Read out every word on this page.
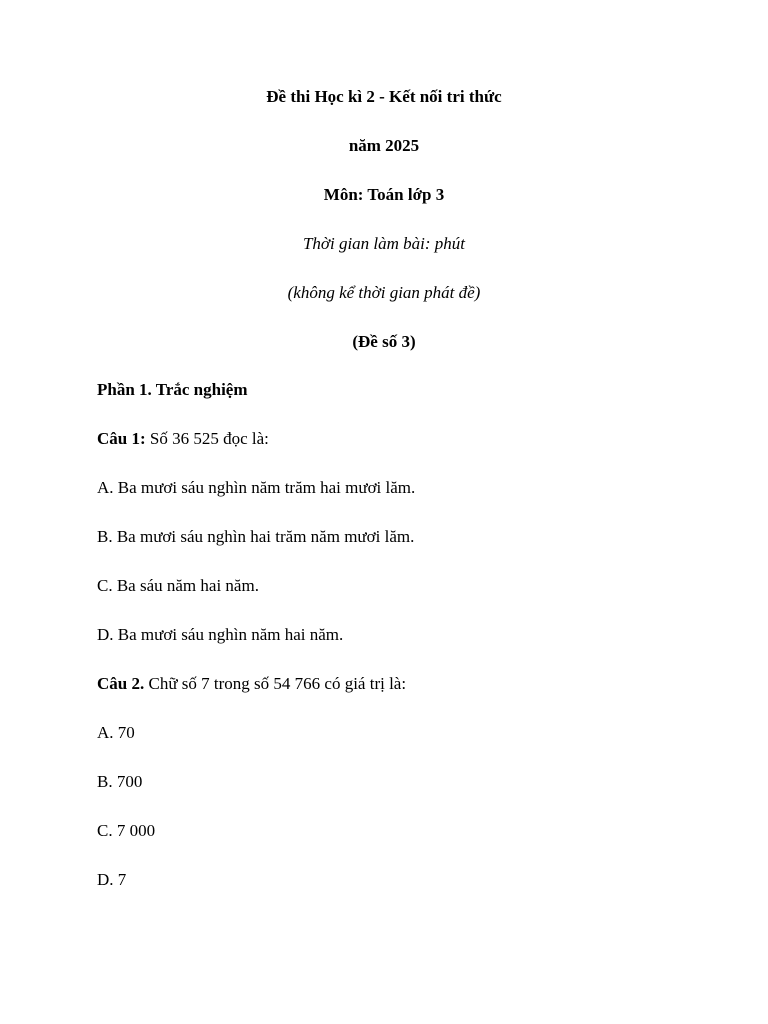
Đề thi Học kì 2 - Kết nối tri thức
năm 2025
Môn: Toán lớp 3
Thời gian làm bài: phút
(không kể thời gian phát đề)
(Đề số 3)
Phần 1. Trắc nghiệm
Câu 1: Số 36 525 đọc là:
A. Ba mươi sáu nghìn năm trăm hai mươi lăm.
B. Ba mươi sáu nghìn hai trăm năm mươi lăm.
C. Ba sáu năm hai năm.
D. Ba mươi sáu nghìn năm hai năm.
Câu 2. Chữ số 7 trong số 54 766 có giá trị là:
A. 70
B. 700
C. 7 000
D. 7
